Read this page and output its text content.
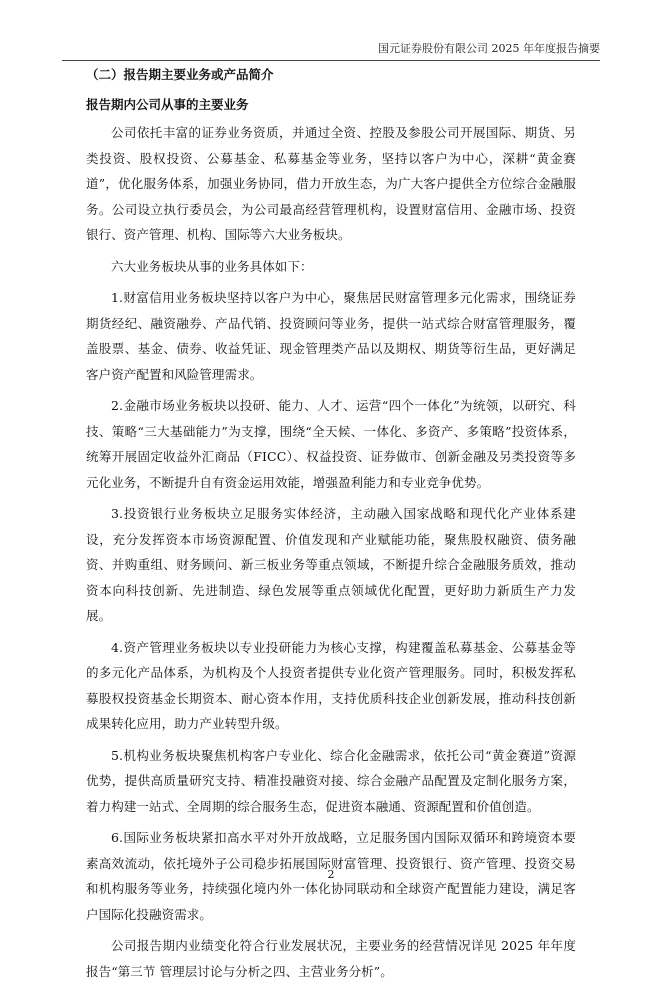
国元证券股份有限公司 2025 年年度报告摘要
（二）报告期主要业务或产品简介
报告期内公司从事的主要业务

公司依托丰富的证券业务资质，并通过全资、控股及参股公司开展国际、期货、另类投资、股权投资、公募基金、私募基金等业务，坚持以客户为中心，深耕“黄金赛道”，优化服务体系，加强业务协同，借力开放生态，为广大客户提供全方位综合金融服务。公司设立执行委员会，为公司最高经营管理机构，设置财富信用、金融市场、投资银行、资产管理、机构、国际等六大业务板块。

六大业务板块从事的业务具体如下：

1.财富信用业务板块坚持以客户为中心，聚焦居民财富管理多元化需求，围绕证券期货经纪、融资融券、产品代销、投资顾问等业务，提供一站式综合财富管理服务，覆盖股票、基金、债券、收益凭证、现金管理类产品以及期权、期货等衍生品，更好满足客户资产配置和风险管理需求。

2.金融市场业务板块以投研、能力、人才、运营“四个一体化”为统领，以研究、科技、策略“三大基础能力”为支撑，围绕“全天候、一体化、多资产、多策略”投资体系，统筹开展固定收益外汇商品（FICC）、权益投资、证券做市、创新金融及另类投资等多元化业务，不断提升自有资金运用效能，增强盈利能力和专业竞争优势。

3.投资银行业务板块立足服务实体经济，主动融入国家战略和现代化产业体系建设，充分发挥资本市场资源配置、价值发现和产业赋能功能，聚焦股权融资、债务融资、并购重组、财务顾问、新三板业务等重点领域，不断提升综合金融服务质效，推动资本向科技创新、先进制造、绿色发展等重点领域优化配置，更好助力新质生产力发展。

4.资产管理业务板块以专业投研能力为核心支撑，构建覆盖私募基金、公募基金等的多元化产品体系，为机构及个人投资者提供专业化资产管理服务。同时，积极发挥私募股权投资基金长期资本、耐心资本作用，支持优质科技企业创新发展，推动科技创新成果转化应用，助力产业转型升级。

5.机构业务板块聚焦机构客户专业化、综合化金融需求，依托公司“黄金赛道”资源优势，提供高质量研究支持、精准投融资对接、综合金融产品配置及定制化服务方案，着力构建一站式、全周期的综合服务生态，促进资本融通、资源配置和价值创造。

6.国际业务板块紧扣高水平对外开放战略，立足服务国内国际双循环和跨境资本要素高效流动，依托境外子公司稳步拓展国际财富管理、投资银行、资产管理、投资交易和机构服务等业务，持续强化境内外一体化协同联动和全球资产配置能力建设，满足客户国际化投融资需求。

公司报告期内业绩变化符合行业发展状况，主要业务的经营情况详见 2025 年年度报告“第三节 管理层讨论与分析之四、主营业务分析”。

2
